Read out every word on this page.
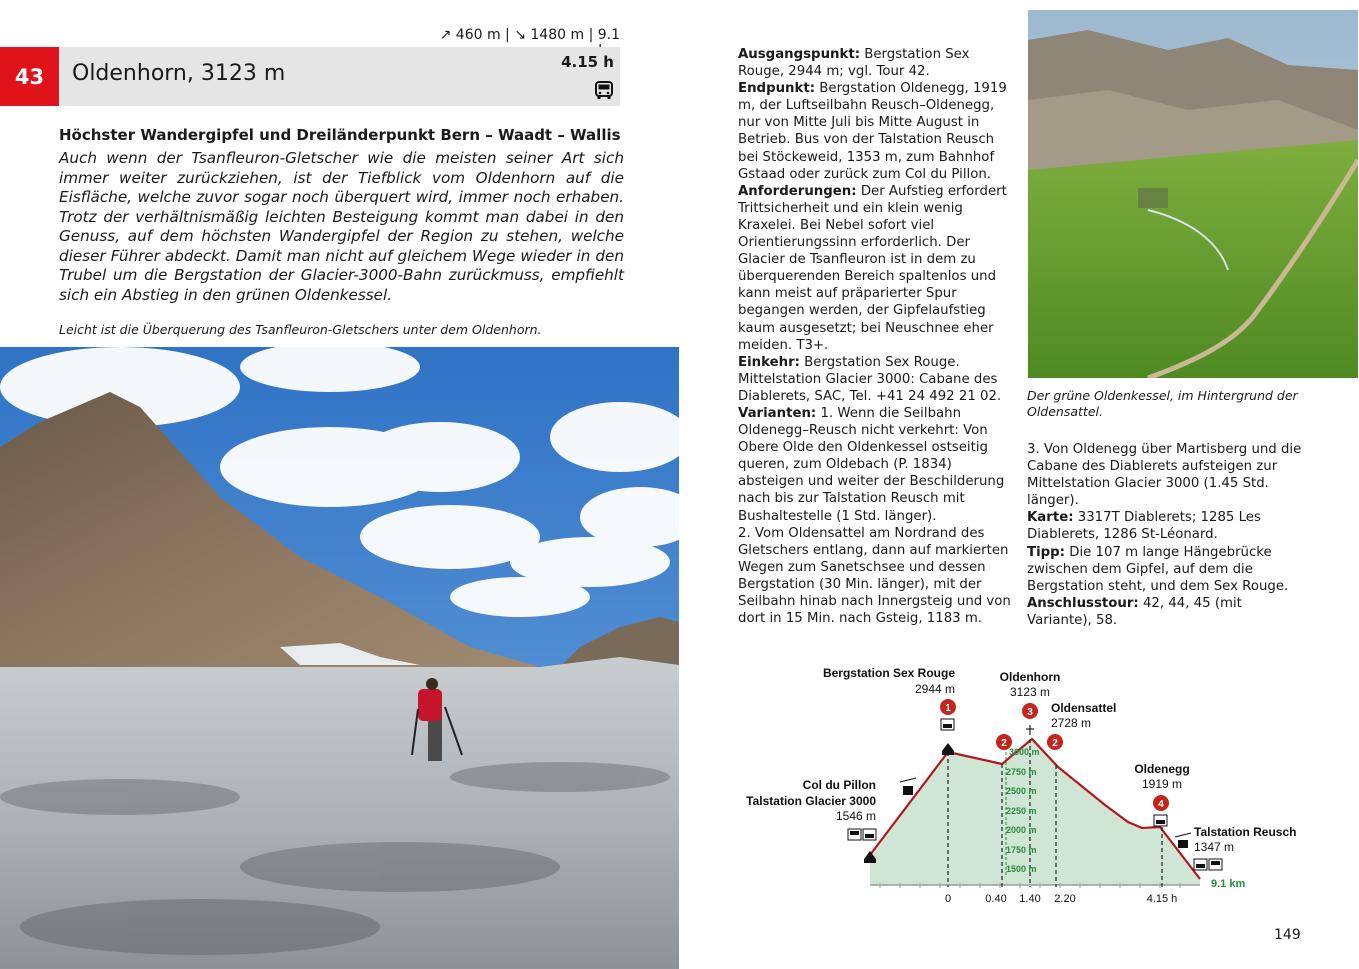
↗ 460 m | ↘ 1480 m | 9.1
43	Oldenhorn, 3123 m	4.15 h
Höchster Wandergipfel und Dreiländerpunkt Bern – Waadt – Wallis
Auch wenn der Tsanfleuron-Gletscher wie die meisten seiner Art sich immer weiter zurückziehen, ist der Tiefblick vom Oldenhorn auf die Eisfläche, welche zuvor sogar noch überquert wird, immer noch erhaben. Trotz der verhältnismäßig leichten Besteigung kommt man dabei in den Genuss, auf dem höchsten Wandergipfel der Region zu stehen, welche dieser Führer abdeckt. Damit man nicht auf gleichem Wege wieder in den Trubel um die Bergstation der Glacier-3000-Bahn zurückmuss, empfiehlt sich ein Abstieg in den grünen Oldenkessel.
Leicht ist die Überquerung des Tsanfleuron-Gletschers unter dem Oldenhorn.
Der grüne Oldenkessel, im Hintergrund der Oldensattel.

Ausgangspunkt: Bergstation Sex Rouge, 2944 m; vgl. Tour 42.

Endpunkt: Bergstation Oldenegg, 1919 m, der Luftseilbahn Reusch–Oldenegg, nur von Mitte Juli bis Mitte August in Betrieb. Bus von der Talstation Reusch bei Stöckeweid, 1353 m, zum Bahnhof Gstaad oder zurück zum Col du Pillon.

Anforderungen: Der Aufstieg erfordert Trittsicherheit und ein klein wenig Kraxelei. Bei Nebel sofort viel Orientierungssinn erforderlich. Der Glacier de Tsanfleuron ist in dem zu überquerenden Bereich spaltenlos und kann meist auf präparierter Spur begangen werden, der Gipfelaufstieg kaum ausgesetzt; bei Neuschnee eher meiden. T3+.

Einkehr: Bergstation Sex Rouge. Mittelstation Glacier 3000: Cabane des Diablerets, SAC, Tel. +41 24 492 21 02.

Varianten: 1. Wenn die Seilbahn Oldenegg–Reusch nicht verkehrt: Von Obere Olde den Oldenkessel ostseitig queren, zum Oldebach (P. 1834) absteigen und weiter der Beschilderung nach bis zur Talstation Reusch mit Bushaltestelle (1 Std. länger).

2. Vom Oldensattel am Nordrand des Gletschers entlang, dann auf markierten Wegen zum Sanetschsee und dessen Bergstation (30 Min. länger), mit der Seilbahn hinab nach Innergsteig und von dort in 15 Min. nach Gsteig, 1183 m.

3. Von Oldenegg über Martisberg und die Cabane des Diablerets aufsteigen zur Mittelstation Glacier 3000 (1.45 Std. länger).

Karte: 3317T Diablerets; 1285 Les Diablerets, 1286 St-Léonard.

Tipp: Die 107 m lange Hängebrücke zwischen dem Gipfel, auf dem die Bergstation steht, und dem Sex Rouge.

Anschlusstour: 42, 44, 45 (mit Variante), 58.

3000 m
2750 m
2500 m
2250 m
2000 m
1750 m
1500 m
1
2
3
2
4
Bergstation Sex Rouge
2944 m
Oldenhorn
3123 m
Oldensattel
2728 m
Oldenegg
1919 m
Col du Pillon
Talstation Glacier 3000
1546 m
Talstation Reusch
1347 m
0	0.40 1.40 2.20	4.15 h
9.1 km
149
